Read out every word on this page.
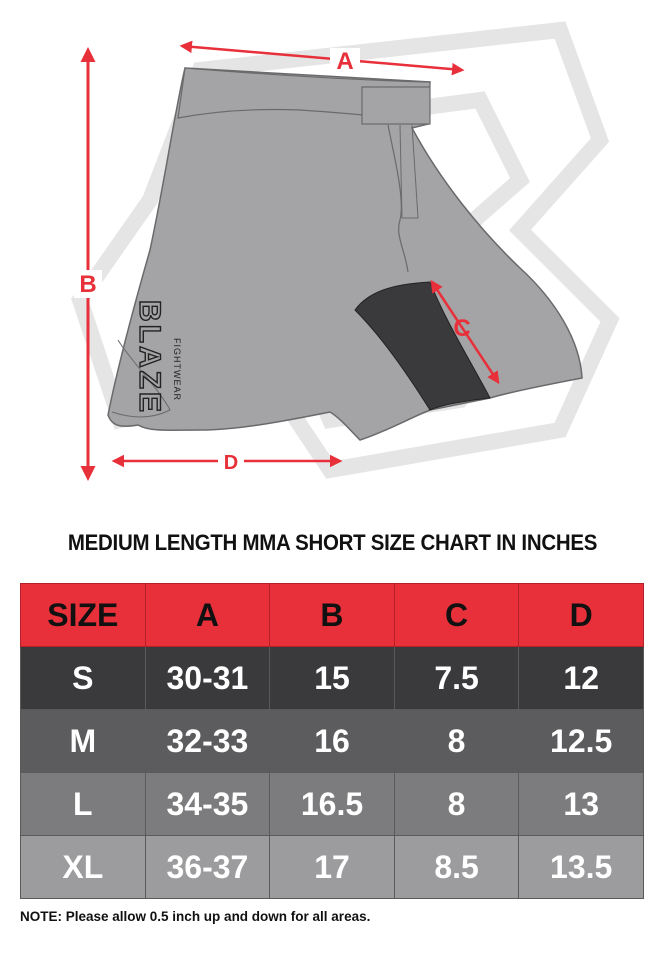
BLAZE FIGHTWEAR
A
B
C
D
MEDIUM LENGTH MMA SHORT SIZE CHART IN INCHES
SIZE	A	B	C	D
S	30-31	15	7.5	12
M	32-33	16	8	12.5
L	34-35	16.5	8	13
XL	36-37	17	8.5	13.5
NOTE: Please allow 0.5 inch up and down for all areas.
